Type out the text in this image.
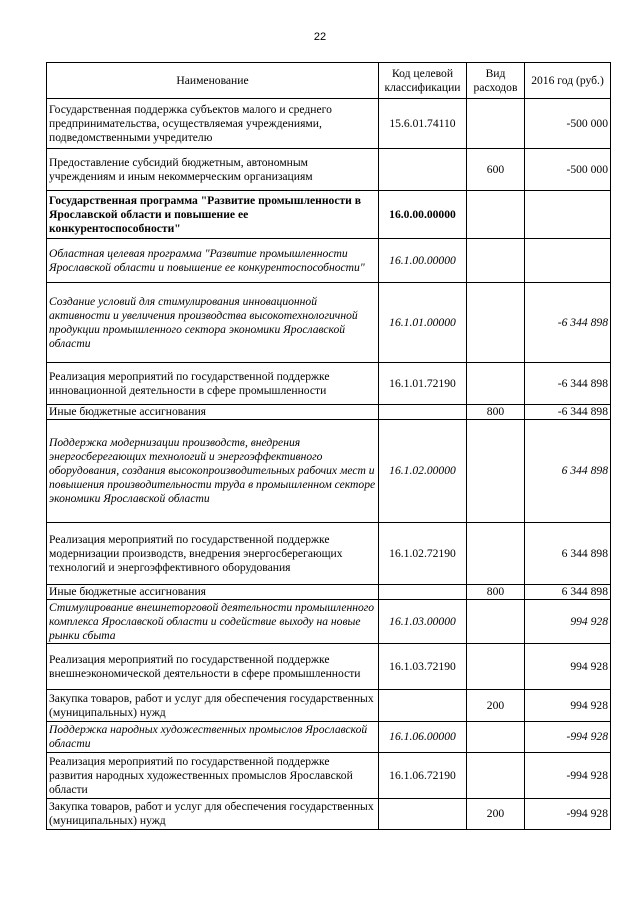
22
Наименование	Код целевой классификации	Вид расходов	2016 год (руб.)
Государственная поддержка субъектов малого и среднего предпринимательства, осуществляемая учреждениями, подведомственными учредителю	15.6.01.74110		-500 000
Предоставление субсидий бюджетным, автономным учреждениям и иным некоммерческим организациям		600	-500 000
Государственная программа "Развитие промышленности в Ярославской области и повышение ее конкурентоспособности"	16.0.00.00000		
Областная целевая программа "Развитие промышленности Ярославской области и повышение ее конкурентоспособности"	16.1.00.00000		
Создание условий для стимулирования инновационной активности и увеличения производства высокотехнологичной продукции промышленного сектора экономики Ярославской области	16.1.01.00000		-6 344 898
Реализация мероприятий по государственной поддержке инновационной деятельности в сфере промышленности	16.1.01.72190		-6 344 898
Иные бюджетные ассигнования		800	-6 344 898
Поддержка модернизации производств, внедрения энергосберегающих технологий и энергоэффективного оборудования, создания высокопроизводительных рабочих мест и повышения производительности труда в промышленном секторе экономики Ярославской области	16.1.02.00000		6 344 898
Реализация мероприятий по государственной поддержке модернизации производств, внедрения энергосберегающих технологий и энергоэффективного оборудования	16.1.02.72190		6 344 898
Иные бюджетные ассигнования		800	6 344 898
Стимулирование внешнеторговой деятельности промышленного комплекса Ярославской области и содействие выходу на новые рынки сбыта	16.1.03.00000		994 928
Реализация мероприятий по государственной поддержке внешнеэкономической деятельности в сфере промышленности	16.1.03.72190		994 928
Закупка товаров, работ и услуг для обеспечения государственных (муниципальных) нужд		200	994 928
Поддержка народных художественных промыслов Ярославской области	16.1.06.00000		-994 928
Реализация мероприятий по государственной поддержке развития народных художественных промыслов Ярославской области	16.1.06.72190		-994 928
Закупка товаров, работ и услуг для обеспечения государственных (муниципальных) нужд		200	-994 928
